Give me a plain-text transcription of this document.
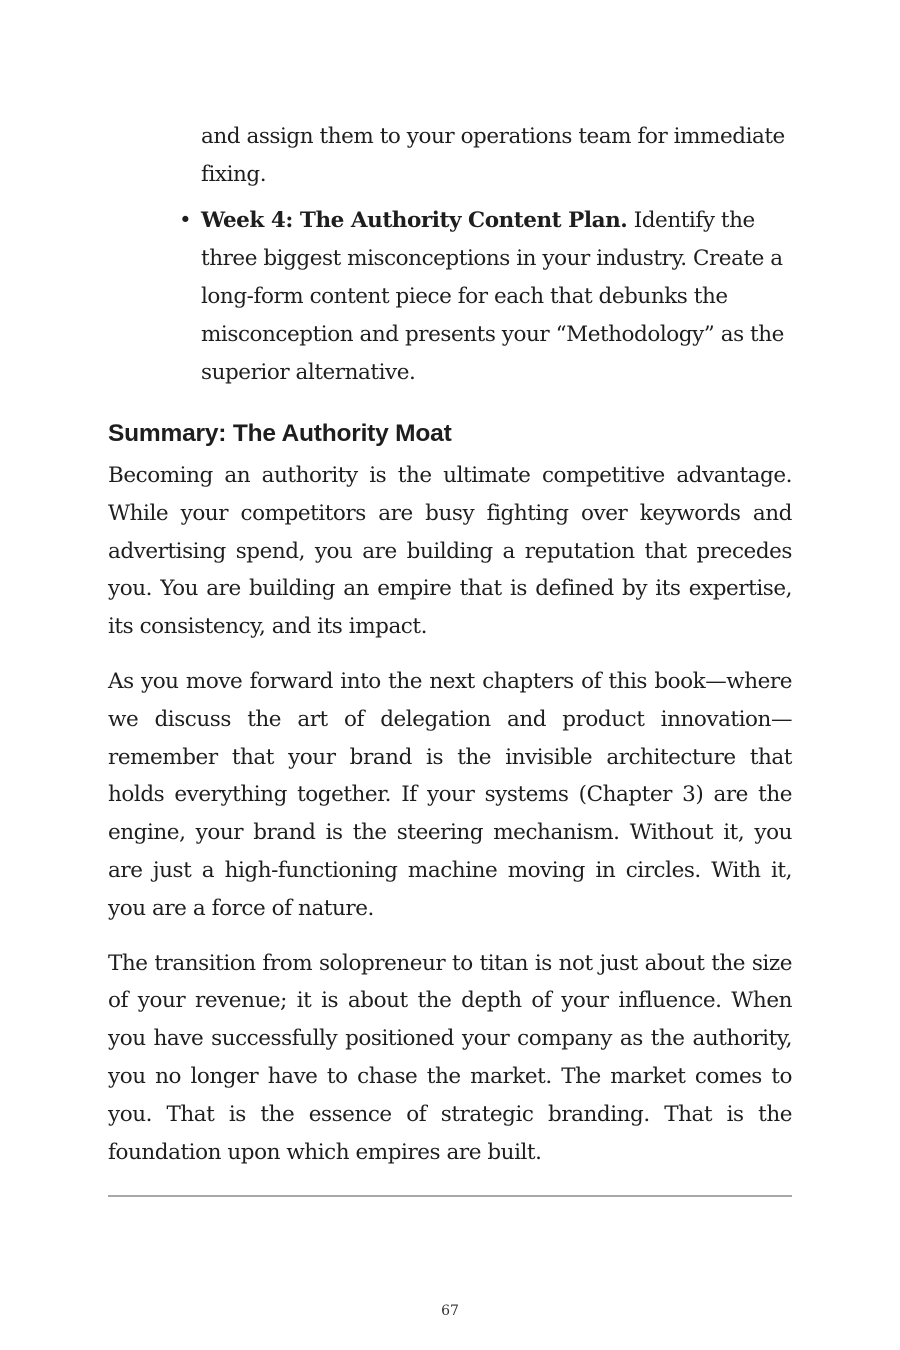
and assign them to your operations team for immediate fixing.
• Week 4: The Authority Content Plan. Identify the three biggest misconceptions in your industry. Create a long-form content piece for each that debunks the misconception and presents your “Methodology” as the superior alternative.
Summary: The Authority Moat

Becoming an authority is the ultimate competitive advantage. While your competitors are busy fighting over keywords and advertising spend, you are building a reputation that precedes you. You are building an empire that is defined by its expertise, its consistency, and its impact.

As you move forward into the next chapters of this book—where we discuss the art of delegation and product innovation—remember that your brand is the invisible architecture that holds everything together. If your systems (Chapter 3) are the engine, your brand is the steering mechanism. Without it, you are just a high-functioning machine moving in circles. With it, you are a force of nature.

The transition from solopreneur to titan is not just about the size of your revenue; it is about the depth of your influence. When you have successfully positioned your company as the authority, you no longer have to chase the market. The market comes to you. That is the essence of strategic branding. That is the foundation upon which empires are built.

67
